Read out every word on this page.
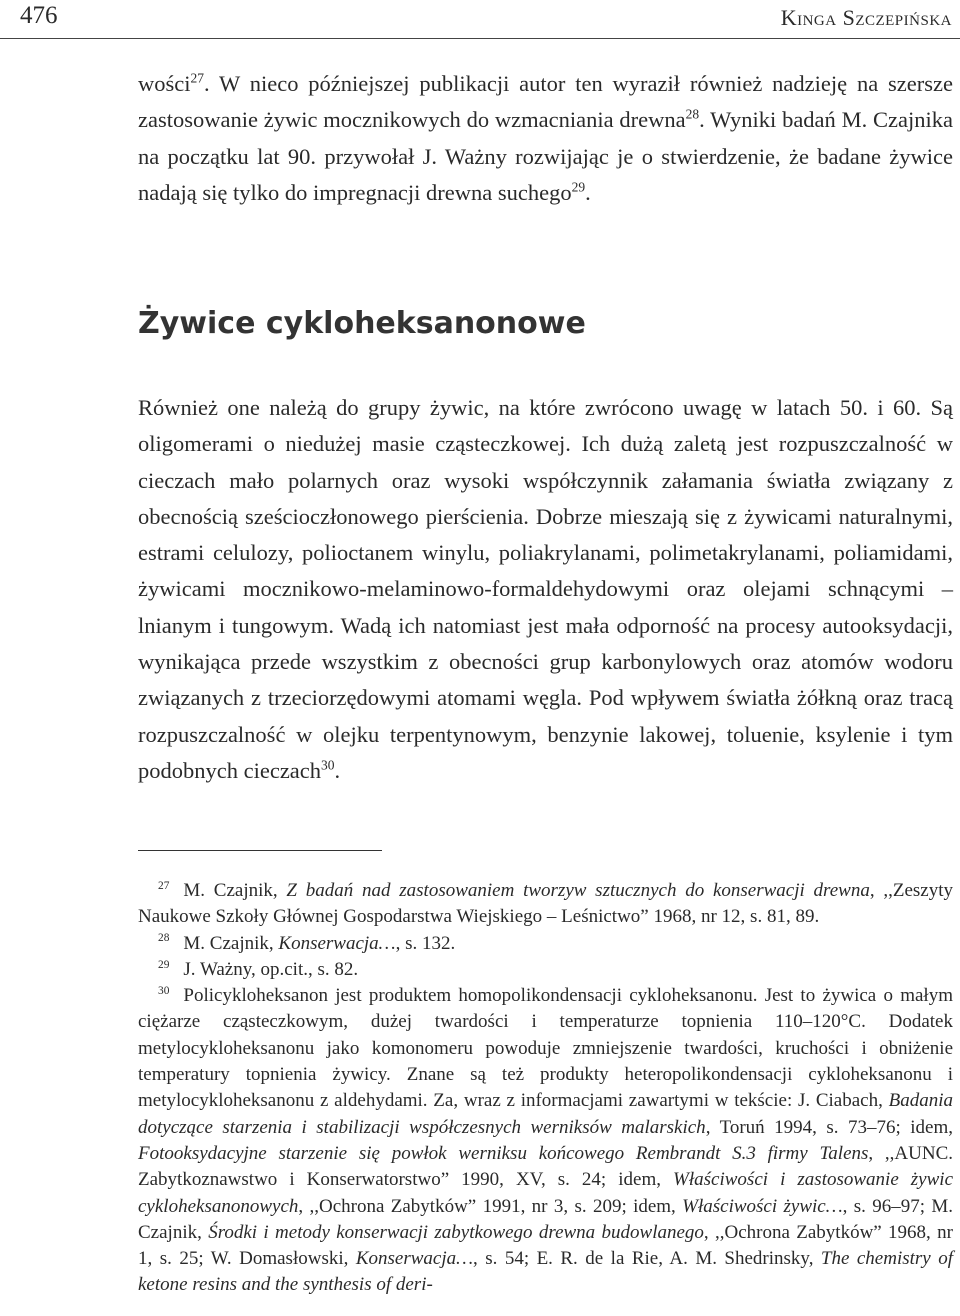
476	Kinga Szczepińska

wości$^{27}$. W nieco późniejszej publikacji autor ten wyraził również nadzieję na szersze zastosowanie żywic mocznikowych do wzmacniania drewna$^{28}$. Wyniki badań M. Czajnika na początku lat 90. przywołał J. Ważny rozwijając je o stwierdzenie, że badane żywice nadają się tylko do impregnacji drewna suchego$^{29}$.

Żywice cykloheksanonowe

Również one należą do grupy żywic, na które zwrócono uwagę w latach 50. i 60. Są oligomerami o niedużej masie cząsteczkowej. Ich dużą zaletą jest rozpuszczalność w cieczach mało polarnych oraz wysoki współczynnik załamania światła związany z obecnością sześcioczłonowego pierścienia. Dobrze mieszają się z żywicami naturalnymi, estrami celulozy, polioctanem winylu, poliakrylanami, polimetakrylanami, poliamidami, żywicami mocznikowo-melaminowo-formaldehydowymi oraz olejami schnącymi – lnianym i tungowym. Wadą ich natomiast jest mała odporność na procesy autooksydacji, wynikająca przede wszystkim z obecności grup karbonylowych oraz atomów wodoru związanych z trzeciorzędowymi atomami węgla. Pod wpływem światła żółkną oraz tracą rozpuszczalność w olejku terpentynowym, benzynie lakowej, toluenie, ksylenie i tym podobnych cieczach$^{30}$.

$^{27}$ M. Czajnik, Z badań nad zastosowaniem tworzyw sztucznych do konserwacji drewna, ,,Zeszyty Naukowe Szkoły Głównej Gospodarstwa Wiejskiego – Leśnictwo” 1968, nr 12, s. 81, 89.

$^{28}$ M. Czajnik, Konserwacja…, s. 132.

$^{29}$ J. Ważny, op.cit., s. 82.

$^{30}$ Policykloheksanon jest produktem homopolikondensacji cykloheksanonu. Jest to żywica o małym ciężarze cząsteczkowym, dużej twardości i temperaturze topnienia 110–120°C. Dodatek metylocykloheksanonu jako komonomeru powoduje zmniejszenie twardości, kruchości i obniżenie temperatury topnienia żywicy. Znane są też produkty heteropolikondensacji cykloheksanonu i metylocykloheksanonu z aldehydami. Za, wraz z informacjami zawartymi w tekście: J. Ciabach, Badania dotyczące starzenia i stabilizacji współczesnych werniksów malarskich, Toruń 1994, s. 73–76; idem, Fotooksydacyjne starzenie się powłok werniksu końcowego Rembrandt S.3 firmy Talens, ,,AUNC. Zabytkoznawstwo i Konserwatorstwo” 1990, XV, s. 24; idem, Właściwości i zastosowanie żywic cykloheksanonowych, ,,Ochrona Zabytków” 1991, nr 3, s. 209; idem, Właściwości żywic…, s. 96–97; M. Czajnik, Środki i metody konserwacji zabytkowego drewna budowlanego, ,,Ochrona Zabytków” 1968, nr 1, s. 25; W. Domasłowski, Konserwacja…, s. 54; E. R. de la Rie, A. M. Shedrinsky, The chemistry of ketone resins and the synthesis of deri-
